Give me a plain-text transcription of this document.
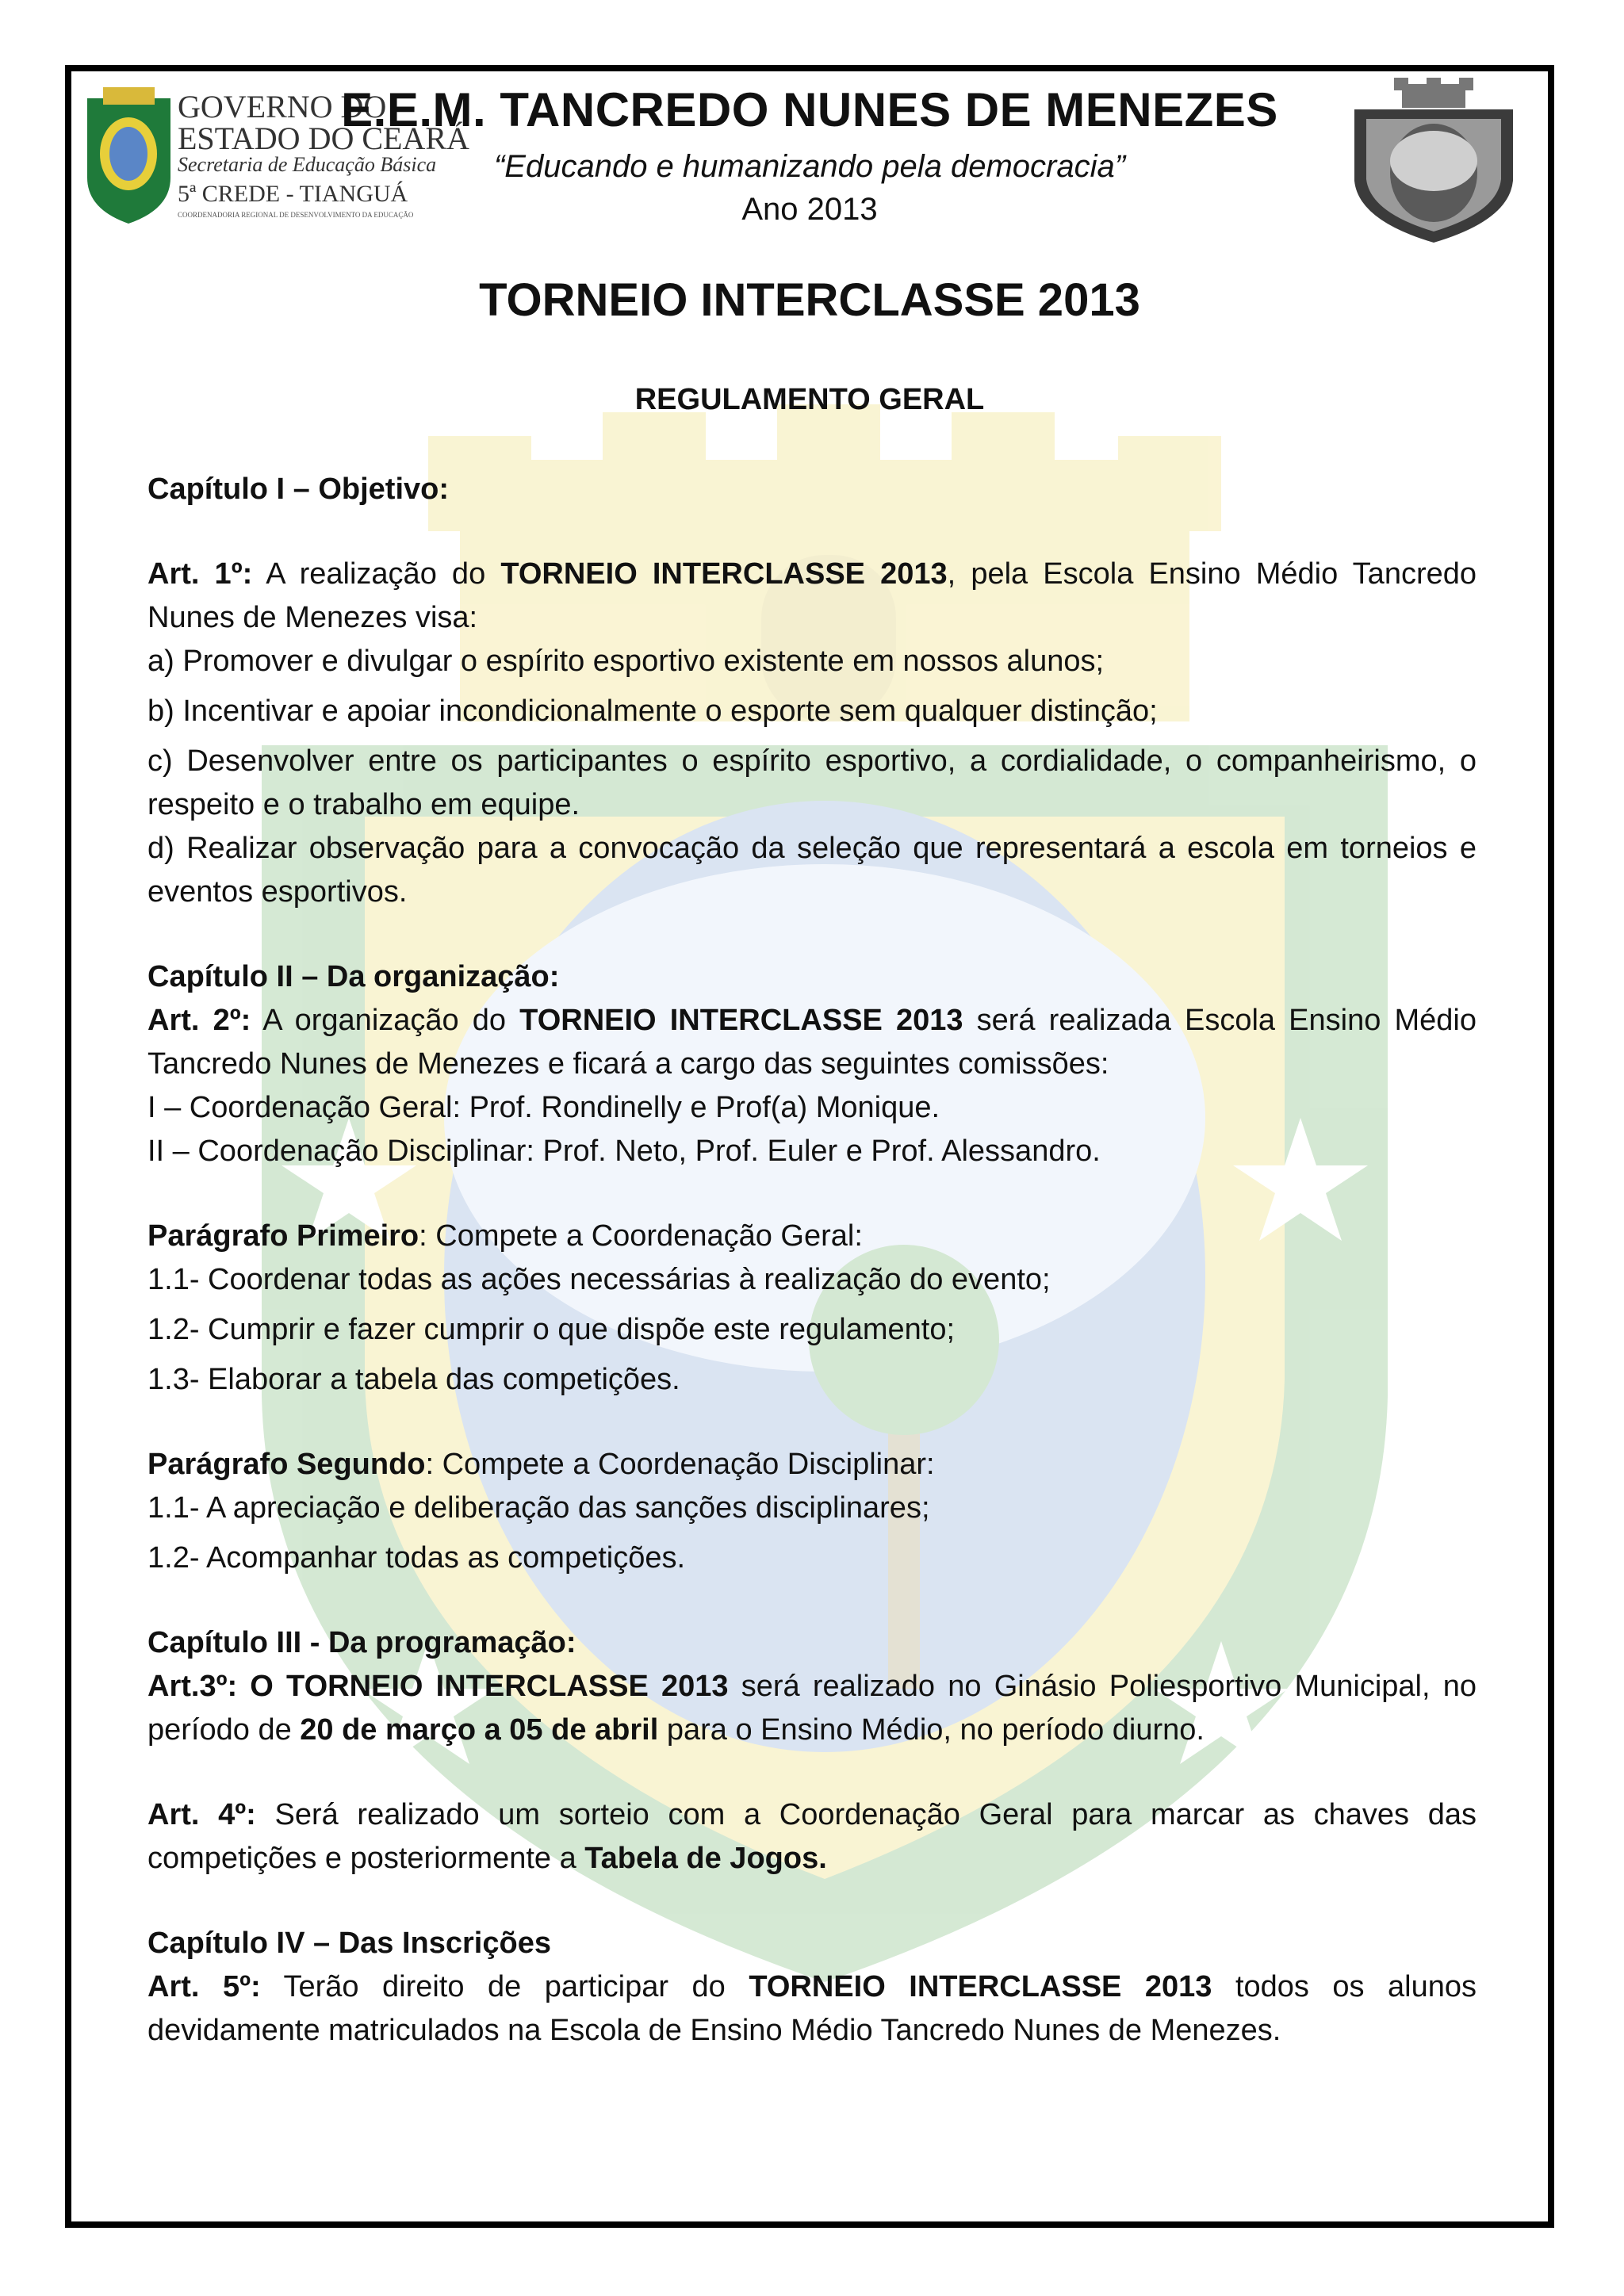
GOVERNO DO
ESTADO DO CEARÁ
Secretaria de Educação Básica
5ª CREDE - TIANGUÁ
COORDENADORIA REGIONAL DE DESENVOLVIMENTO DA EDUCAÇÃO
E.E.M. TANCREDO NUNES DE MENEZES
“Educando e humanizando pela democracia”
Ano 2013
TORNEIO INTERCLASSE 2013
REGULAMENTO GERAL

Capítulo I – Objetivo:

Art. 1º: A realização do TORNEIO INTERCLASSE 2013, pela Escola Ensino Médio Tancredo Nunes de Menezes visa:

a) Promover e divulgar o espírito esportivo existente em nossos alunos;

b) Incentivar e apoiar incondicionalmente o esporte sem qualquer distinção;

c) Desenvolver entre os participantes o espírito esportivo, a cordialidade, o companheirismo, o respeito e o trabalho em equipe.

d) Realizar observação para a convocação da seleção que representará a escola em torneios e eventos esportivos.

Capítulo II – Da organização:

Art. 2º: A organização do TORNEIO INTERCLASSE 2013 será realizada Escola Ensino Médio Tancredo Nunes de Menezes e ficará a cargo das seguintes comissões:

I – Coordenação Geral: Prof. Rondinelly e Prof(a) Monique.

II – Coordenação Disciplinar: Prof. Neto, Prof. Euler e Prof. Alessandro.

Parágrafo Primeiro: Compete a Coordenação Geral:

1.1- Coordenar todas as ações necessárias à realização do evento;

1.2- Cumprir e fazer cumprir o que dispõe este regulamento;

1.3- Elaborar a tabela das competições.

Parágrafo Segundo: Compete a Coordenação Disciplinar:

1.1- A apreciação e deliberação das sanções disciplinares;

1.2- Acompanhar todas as competições.

Capítulo III - Da programação:

Art.3º: O TORNEIO INTERCLASSE 2013 será realizado no Ginásio Poliesportivo Municipal, no período de 20 de março a 05 de abril para o Ensino Médio, no período diurno.

Art. 4º: Será realizado um sorteio com a Coordenação Geral para marcar as chaves das competições e posteriormente a Tabela de Jogos.

Capítulo IV – Das Inscrições

Art. 5º: Terão direito de participar do TORNEIO INTERCLASSE 2013 todos os alunos devidamente matriculados na Escola de Ensino Médio Tancredo Nunes de Menezes.
